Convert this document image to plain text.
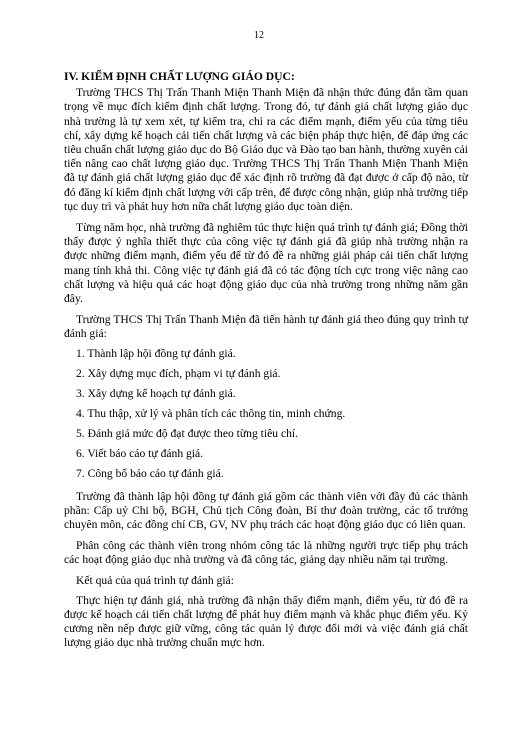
12
IV. KIỂM ĐỊNH CHẤT LƯỢNG GIÁO DỤC:

Trường THCS Thị Trấn Thanh Miện Thanh Miện đã nhận thức đúng đắn tầm quan trọng về mục đích kiểm định chất lượng. Trong đó, tự đánh giá chất lượng giáo dục nhà trường là tự xem xét, tự kiểm tra, chỉ ra các điểm mạnh, điểm yếu của từng tiêu chí, xây dựng kế hoạch cải tiến chất lượng và các biện pháp thực hiện, để đáp ứng các tiêu chuẩn chất lượng giáo dục do Bộ Giáo dục và Đào tạo ban hành, thường xuyên cải tiến nâng cao chất lượng giáo dục. Trường THCS Thị Trấn Thanh Miện Thanh Miện đã tự đánh giá chất lượng giáo dục để xác định rõ trường đã đạt được ở cấp độ nào, từ đó đăng kí kiểm định chất lượng với cấp trên, để được công nhận, giúp nhà trường tiếp tục duy trì và phát huy hơn nữa chất lượng giáo dục toàn diện.

Từng năm học, nhà trường đã nghiêm túc thực hiện quá trình tự đánh giá; Đồng thời thấy được ý nghĩa thiết thực của công việc tự đánh giá đã giúp nhà trường nhận ra được những điểm mạnh, điểm yếu để từ đó đề ra những giải pháp cải tiến chất lượng mang tính khả thi. Công việc tự đánh giá đã có tác động tích cực trong việc nâng cao chất lượng và hiệu quả các hoạt động giáo dục của nhà trường trong những năm gần đây.

Trường THCS Thị Trấn Thanh Miện đã tiến hành tự đánh giá theo đúng quy trình tự đánh giá:

1. Thành lập hội đồng tự đánh giá.
2. Xây dựng mục đích, phạm vi tự đánh giá.
3. Xây dựng kế hoạch tự đánh giá.
4. Thu thập, xử lý và phân tích các thông tin, minh chứng.
5. Đánh giá mức độ đạt được theo từng tiêu chí.
6. Viết báo cáo tự đánh giá.
7. Công bố báo cáo tự đánh giá.

Trường đã thành lập hội đồng tự đánh giá gồm các thành viên với đầy đủ các thành phần: Cấp uỷ Chi bộ, BGH, Chủ tịch Công đoàn, Bí thư đoàn trường, các tổ trưởng chuyên môn, các đồng chí CB, GV, NV phụ trách các hoạt động giáo dục có liên quan.

Phân công các thành viên trong nhóm công tác là những người trực tiếp phụ trách các hoạt động giáo dục nhà trường và đã công tác, giảng dạy nhiều năm tại trường.

Kết quả của quá trình tự đánh giá:

Thực hiện tự đánh giá, nhà trường đã nhận thấy điểm mạnh, điểm yếu, từ đó đề ra được kế hoạch cải tiến chất lượng để phát huy điểm mạnh và khắc phục điểm yếu. Kỷ cương nền nếp được giữ vững, công tác quản lý được đổi mới và việc đánh giá chất lượng giáo dục nhà trường chuẩn mực hơn.
